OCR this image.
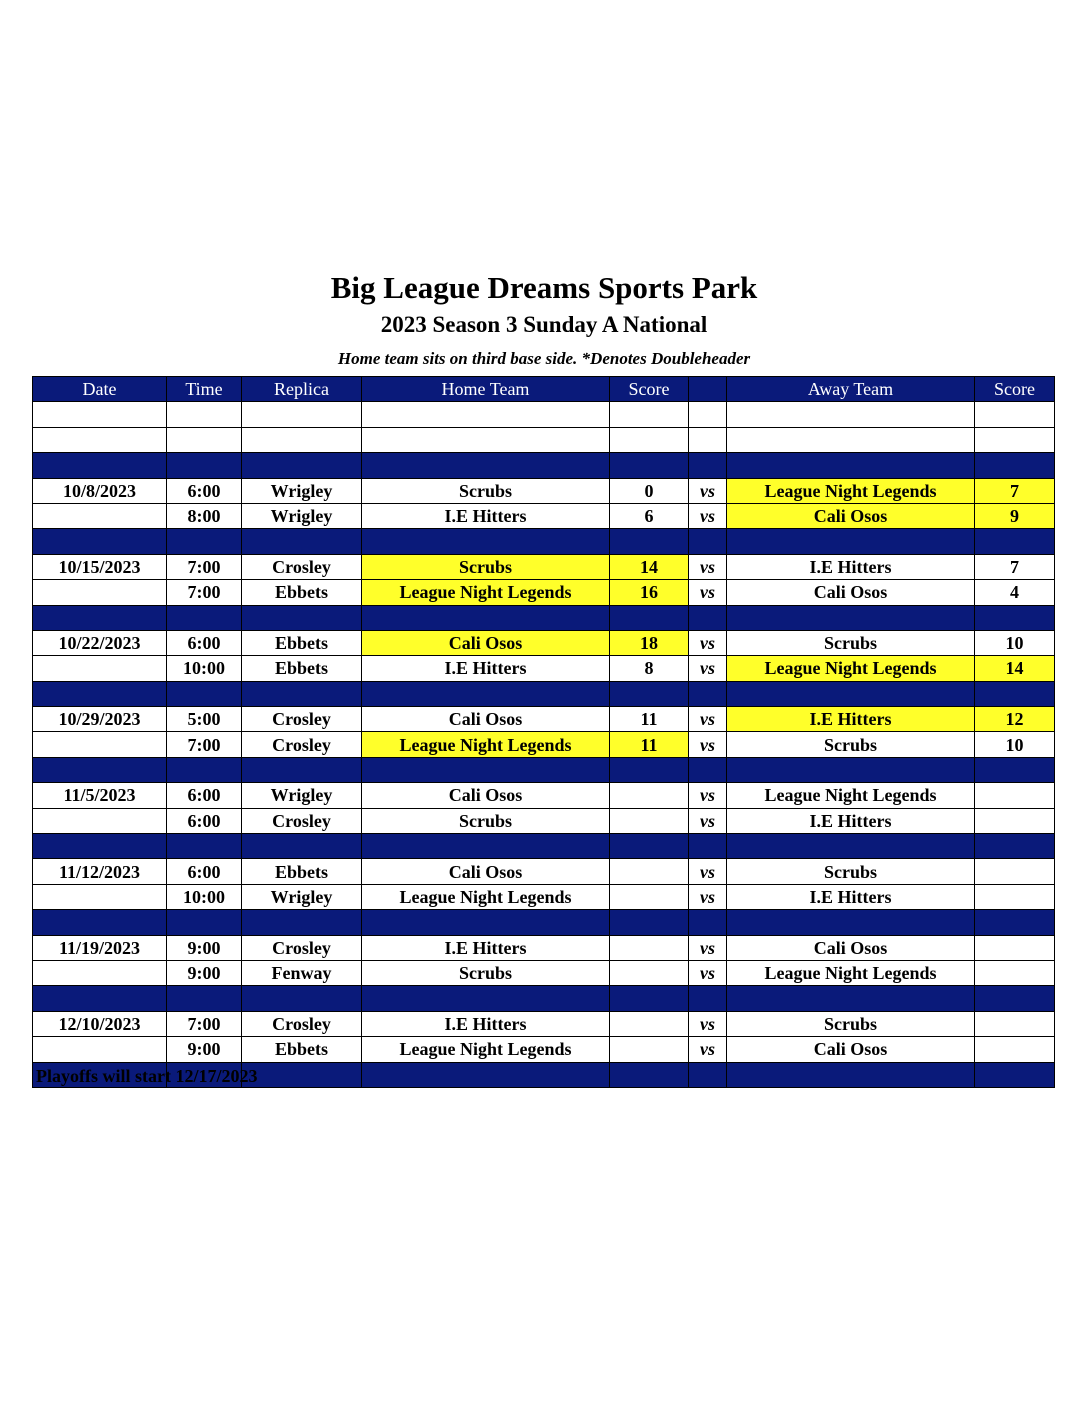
Big League Dreams Sports Park
2023 Season 3 Sunday A National
Home team sits on third base side. *Denotes Doubleheader
Date	Time	Replica	Home Team	Score		Away Team	Score

10/8/2023	6:00	Wrigley	Scrubs	0	vs	League Night Legends	7
	8:00	Wrigley	I.E Hitters	6	vs	Cali Osos	9

10/15/2023	7:00	Crosley	Scrubs	14	vs	I.E Hitters	7
	7:00	Ebbets	League Night Legends	16	vs	Cali Osos	4

10/22/2023	6:00	Ebbets	Cali Osos	18	vs	Scrubs	10
	10:00	Ebbets	I.E Hitters	8	vs	League Night Legends	14

10/29/2023	5:00	Crosley	Cali Osos	11	vs	I.E Hitters	12
	7:00	Crosley	League Night Legends	11	vs	Scrubs	10

11/5/2023	6:00	Wrigley	Cali Osos		vs	League Night Legends	
	6:00	Crosley	Scrubs		vs	I.E Hitters	

11/12/2023	6:00	Ebbets	Cali Osos		vs	Scrubs	
	10:00	Wrigley	League Night Legends		vs	I.E Hitters	

11/19/2023	9:00	Crosley	I.E Hitters		vs	Cali Osos	
	9:00	Fenway	Scrubs		vs	League Night Legends	

12/10/2023	7:00	Crosley	I.E Hitters		vs	Scrubs	
	9:00	Ebbets	League Night Legends		vs	Cali Osos	

Playoffs will start 12/17/2023
